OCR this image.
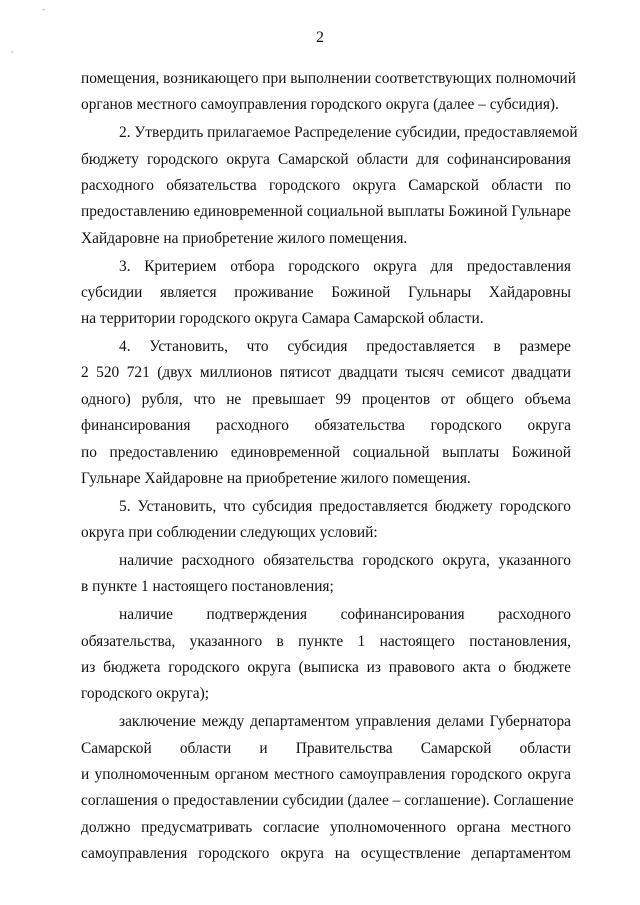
2
помещения, возникающего при выполнении соответствующих полномочий
органов местного самоуправления городского округа (далее – субсидия).
2. Утвердить прилагаемое Распределение субсидии, предоставляемой
бюджету городского округа Самарской области для софинансирования
расходного обязательства городского округа Самарской области по
предоставлению единовременной социальной выплаты Божиной Гульнаре
Хайдаровне на приобретение жилого помещения.
3. Критерием отбора городского округа для предоставления
субсидии является проживание Божиной Гульнары Хайдаровны
на территории городского округа Самара Самарской области.
4. Установить, что субсидия предоставляется в размере
2 520 721 (двух миллионов пятисот двадцати тысяч семисот двадцати
одного) рубля, что не превышает 99 процентов от общего объема
финансирования расходного обязательства городского округа
по предоставлению единовременной социальной выплаты Божиной
Гульнаре Хайдаровне на приобретение жилого помещения.
5. Установить, что субсидия предоставляется бюджету городского
округа при соблюдении следующих условий:
наличие расходного обязательства городского округа, указанного
в пункте 1 настоящего постановления;
наличие подтверждения софинансирования расходного
обязательства, указанного в пункте 1 настоящего постановления,
из бюджета городского округа (выписка из правового акта о бюджете
городского округа);
заключение между департаментом управления делами Губернатора
Самарской области и Правительства Самарской области
и уполномоченным органом местного самоуправления городского округа
соглашения о предоставлении субсидии (далее – соглашение). Соглашение
должно предусматривать согласие уполномоченного органа местного
самоуправления городского округа на осуществление департаментом
-
,
